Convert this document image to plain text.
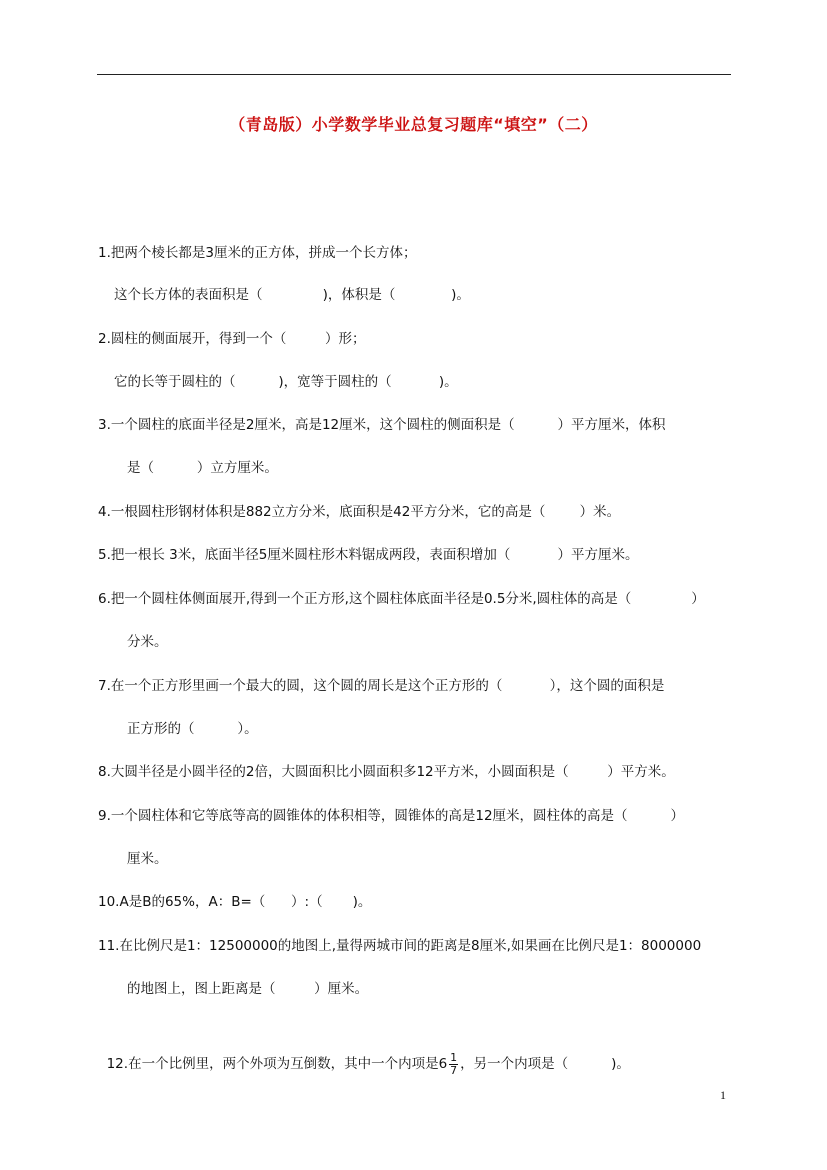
（青岛版）小学数学毕业总复习题库“填空”（二）
1.把两个棱长都是3厘米的正方体，拼成一个长方体；
这个长方体的表面积是（              )，体积是（             )。
2.圆柱的侧面展开，得到一个（         ）形；
它的长等于圆柱的（          )，宽等于圆柱的（           )。
3.一个圆柱的底面半径是2厘米，高是12厘米，这个圆柱的侧面积是（          ）平方厘米，体积
是（          ）立方厘米。
4.一根圆柱形钢材体积是882立方分米，底面积是42平方分米，它的高是（        ）米。
5.把一根长 3米，底面半径5厘米圆柱形木料锯成两段，表面积增加（           ）平方厘米。
6.把一个圆柱体侧面展开,得到一个正方形,这个圆柱体底面半径是0.5分米,圆柱体的高是（              ）
分米。
7.在一个正方形里画一个最大的圆，这个圆的周长是这个正方形的（           ），这个圆的面积是
正方形的（          ）。
8.大圆半径是小圆半径的2倍，大圆面积比小圆面积多12平方米，小圆面积是（         ）平方米。
9.一个圆柱体和它等底等高的圆锥体的体积相等，圆锥体的高是12厘米，圆柱体的高是（          ）
厘米。
10.A是B的65%，A：B=（      ）:（       )。
11.在比例尺是1：12500000的地图上,量得两城市间的距离是8厘米,如果画在比例尺是1：8000000
的地图上，图上距离是（         ）厘米。

12.在一个比例里，两个外项为互倒数，其中一个内项是$6 \frac{1}{7}$ ，另一个内项是（          )。

1
